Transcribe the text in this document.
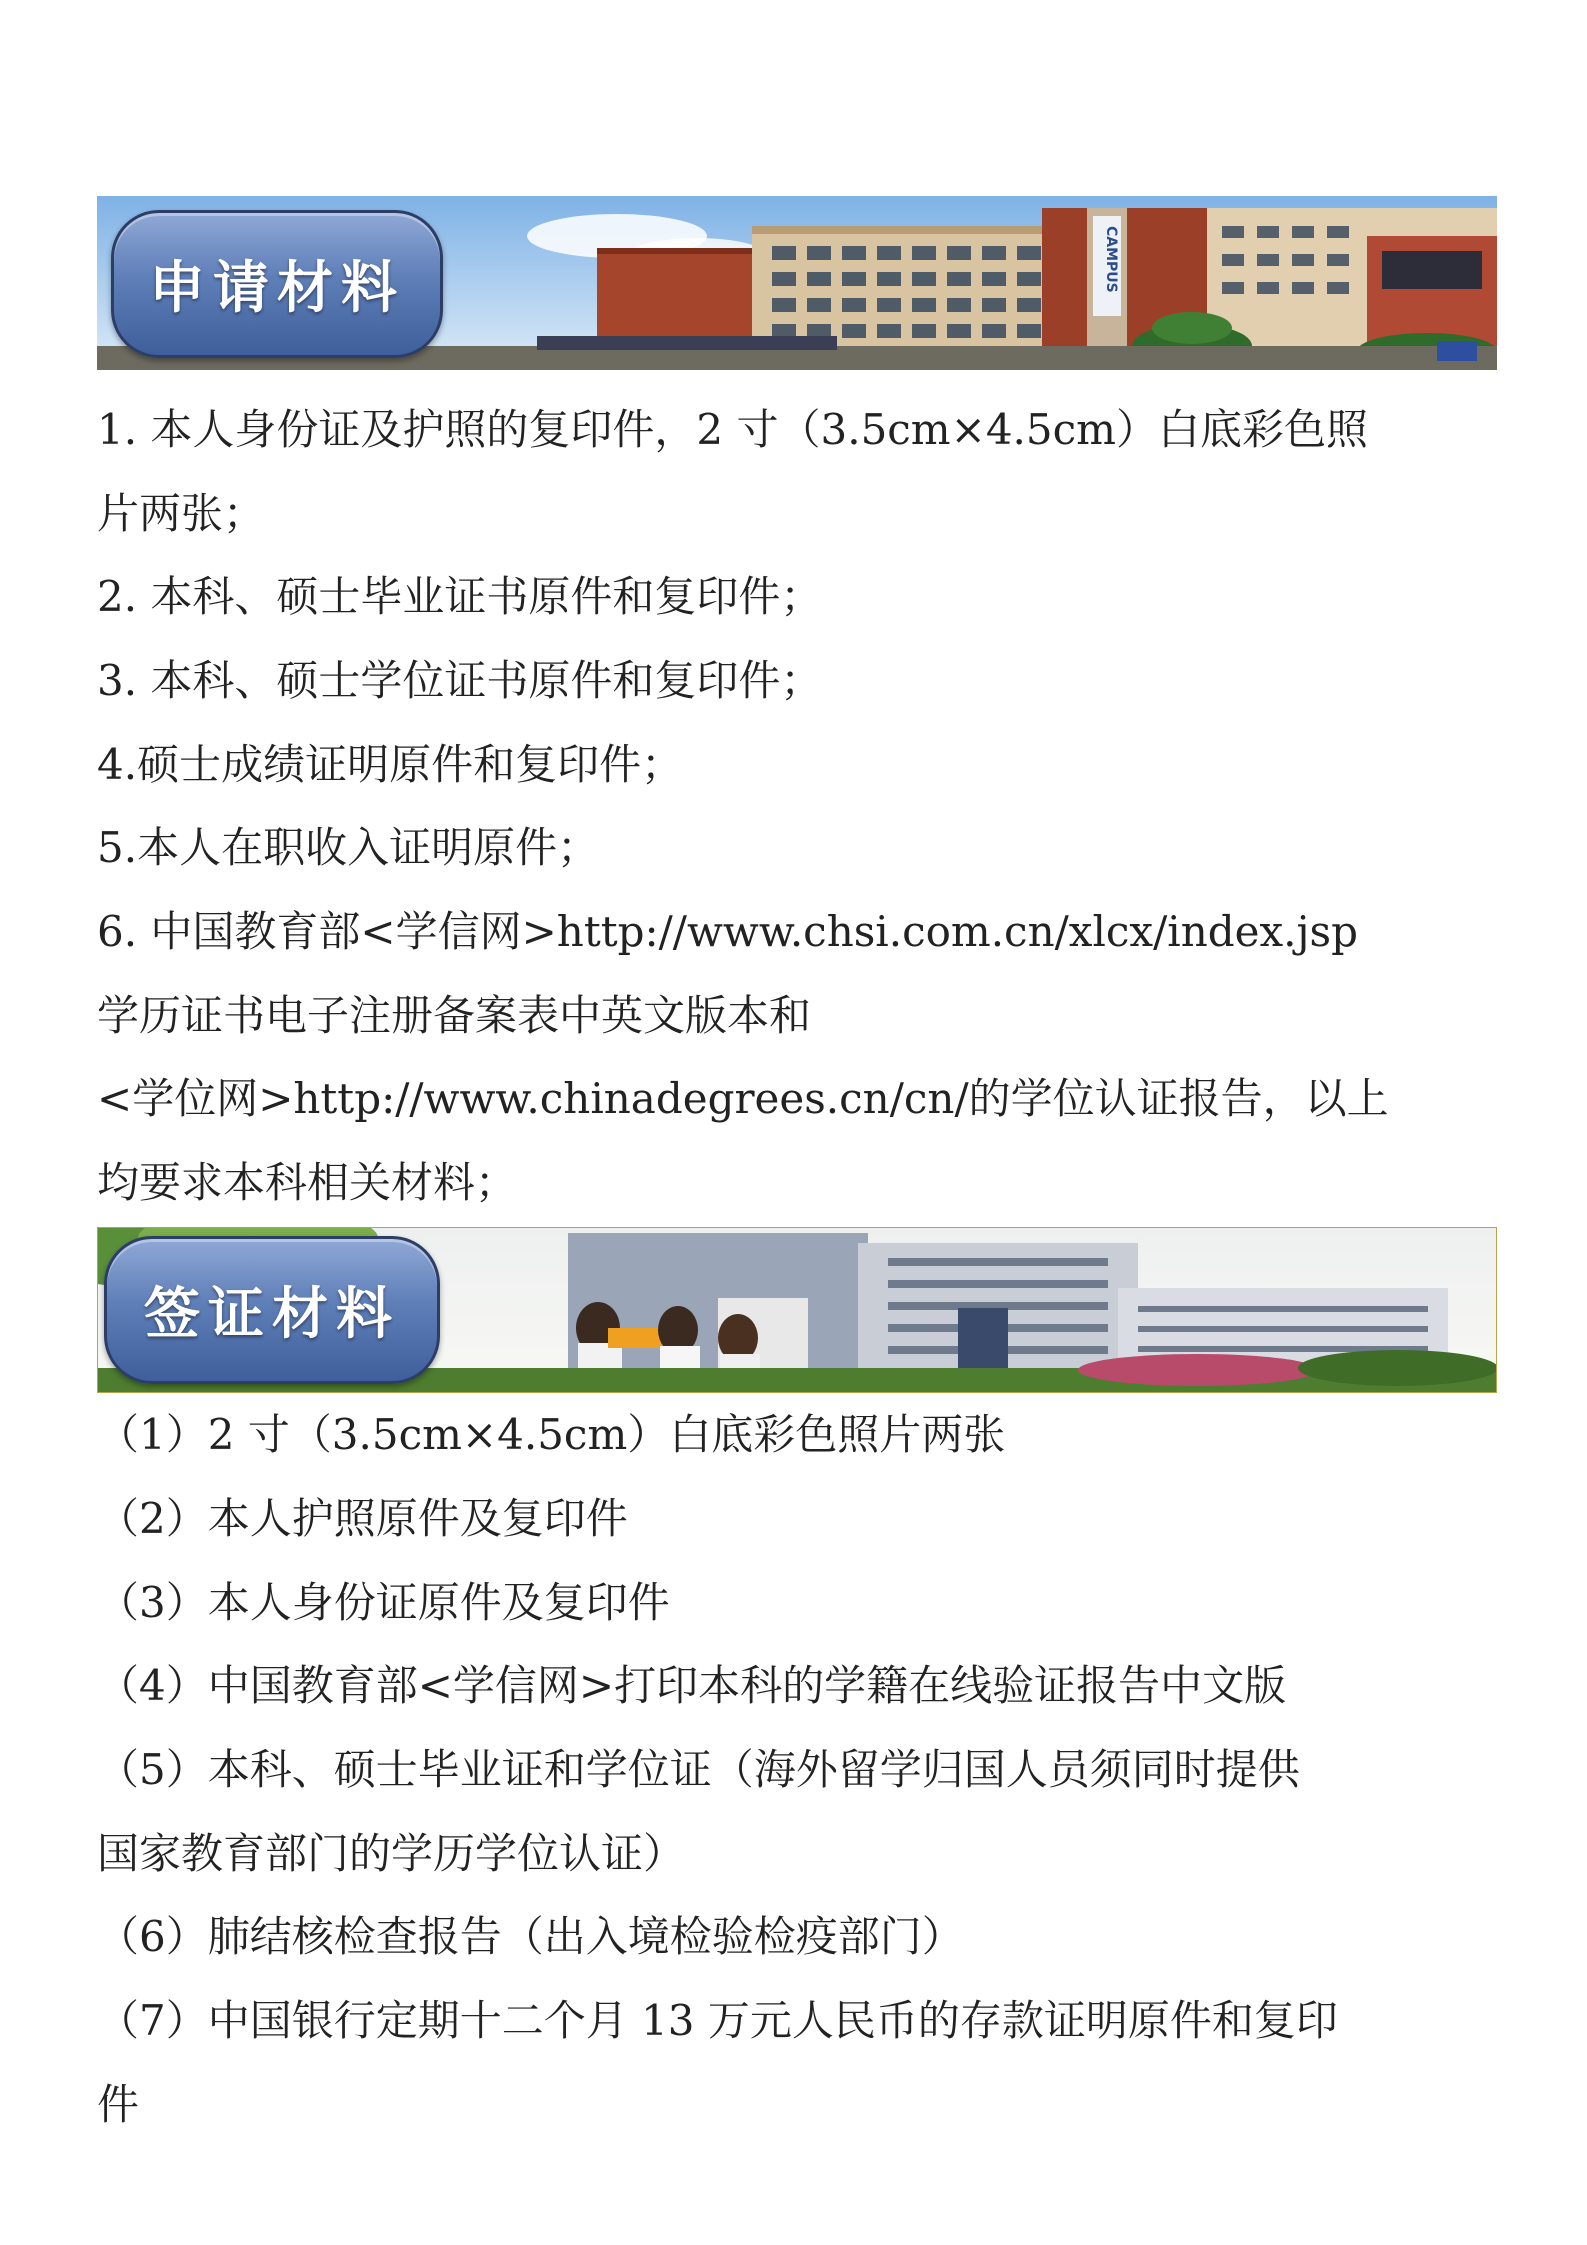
CAMPUS
申请材料
1. 本人身份证及护照的复印件，2 寸（3.5cm×4.5cm）白底彩色照
片两张；
2. 本科、硕士毕业证书原件和复印件；
3. 本科、硕士学位证书原件和复印件；
4.硕士成绩证明原件和复印件；
5.本人在职收入证明原件；
6. 中国教育部<学信网>http://www.chsi.com.cn/xlcx/index.jsp
学历证书电子注册备案表中英文版本和
<学位网>http://www.chinadegrees.cn/cn/的学位认证报告，以上
均要求本科相关材料；
签证材料
（1）2 寸（3.5cm×4.5cm）白底彩色照片两张
（2）本人护照原件及复印件
（3）本人身份证原件及复印件
（4）中国教育部<学信网>打印本科的学籍在线验证报告中文版
（5）本科、硕士毕业证和学位证（海外留学归国人员须同时提供
国家教育部门的学历学位认证）
（6）肺结核检查报告（出入境检验检疫部门）
（7）中国银行定期十二个月 13 万元人民币的存款证明原件和复印
件
